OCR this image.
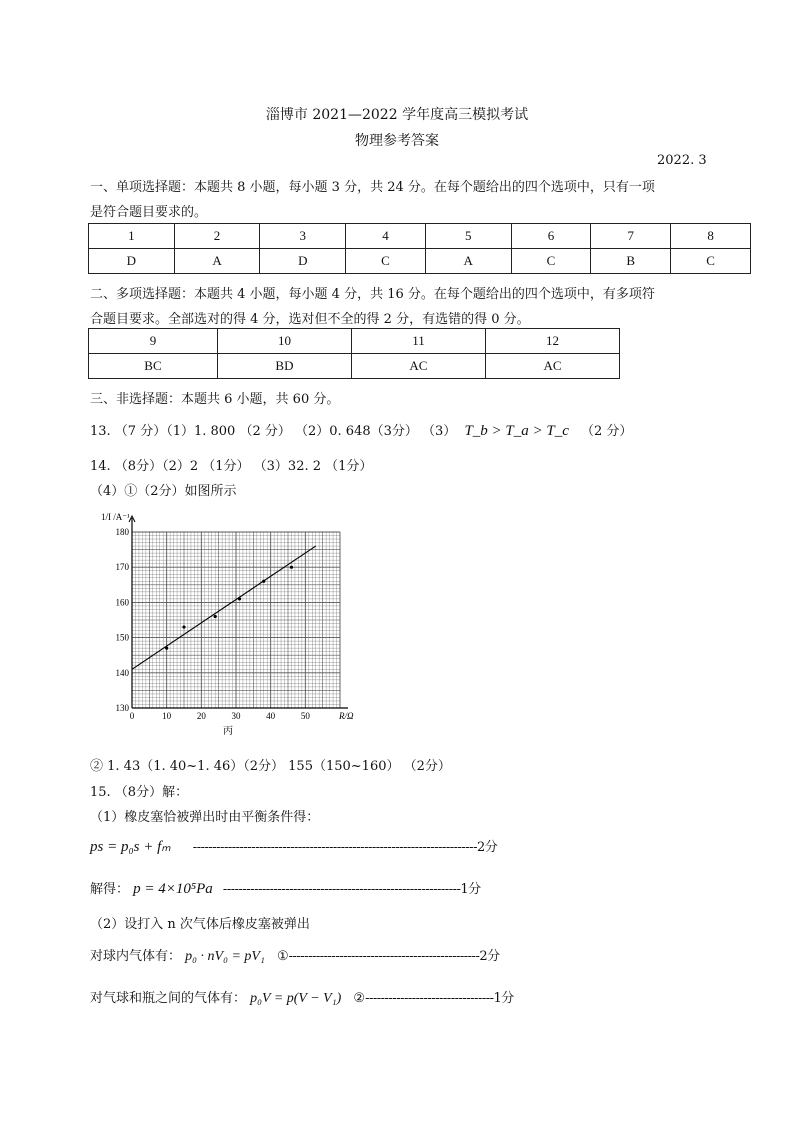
淄博市 2021—2022 学年度高三模拟考试
物理参考答案
2022. 3
一、单项选择题：本题共 8 小题，每小题 3 分，共 24 分。在每个题给出的四个选项中，只有一项
是符合题目要求的。
1	2	3	4	5	6	7	8
D	A	D	C	A	C	B	C
二、多项选择题：本题共 4 小题，每小题 4 分，共 16 分。在每个题给出的四个选项中，有多项符
合题目要求。全部选对的得 4 分，选对但不全的得 2 分，有选错的得 0 分。
9	10	11	12
BC	BD	AC	AC
三、非选择题：本题共 6 小题，共 60 分。
13. （7 分）（1）1. 800 （2 分） （2）0. 648（3分） （3） T_b > T_a > T_c （2 分）
14. （8分）（2）2 （1分） （3）32. 2 （1分）
（4）①（2分）如图所示
0	10	20	30	40	50
130
140
150
160
170
180
1/I /A⁻¹
R/Ω
丙
② 1. 43（1. 40~1. 46）（2分） 155（150~160） （2分）
15. （8分）解：
（1）橡皮塞恰被弹出时由平衡条件得：
ps = p₀s + fₘ -------------------------------------------------------------------------2分
解得： p = 4×10⁵Pa -------------------------------------------------------------1分
（2）设打入 n 次气体后橡皮塞被弹出
对球内气体有： p₀ · nV₀ = pV₁ ①-------------------------------------------------2分
对气球和瓶之间的气体有： p₀V = p(V − V₁) ②---------------------------------1分
